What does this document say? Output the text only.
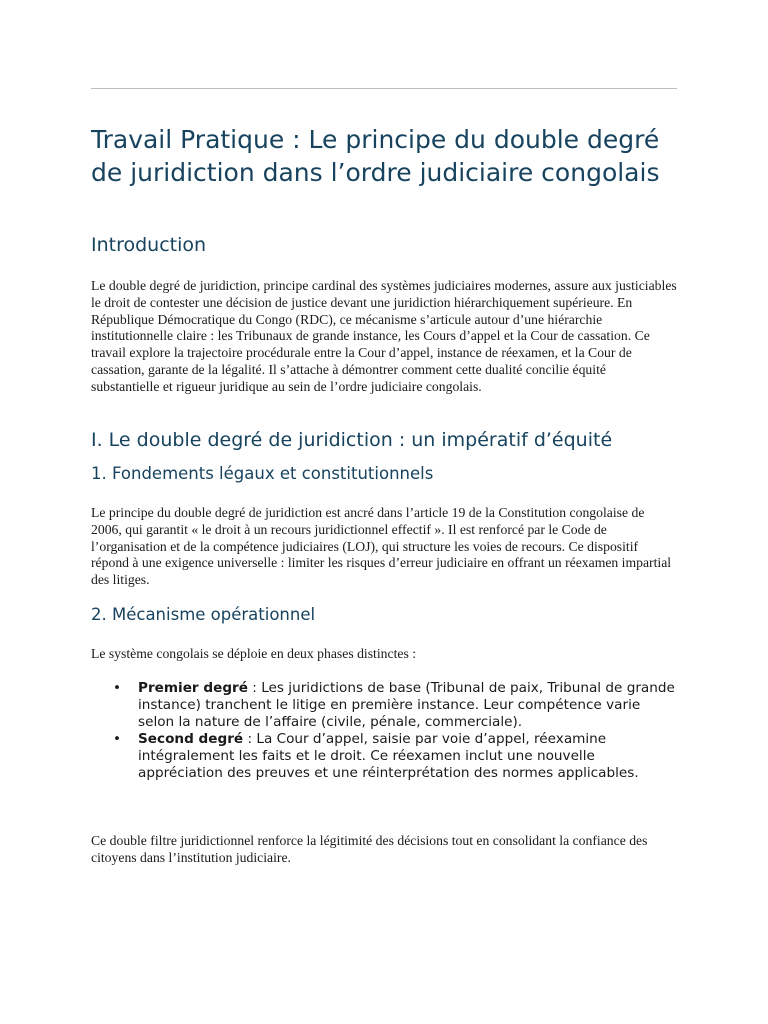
Travail Pratique : Le principe du double degré de juridiction dans l’ordre judiciaire congolais
Introduction

Le double degré de juridiction, principe cardinal des systèmes judiciaires modernes, assure aux justiciables le droit de contester une décision de justice devant une juridiction hiérarchiquement supérieure. En République Démocratique du Congo (RDC), ce mécanisme s’articule autour d’une hiérarchie institutionnelle claire : les Tribunaux de grande instance, les Cours d’appel et la Cour de cassation. Ce travail explore la trajectoire procédurale entre la Cour d’appel, instance de réexamen, et la Cour de cassation, garante de la légalité. Il s’attache à démontrer comment cette dualité concilie équité substantielle et rigueur juridique au sein de l’ordre judiciaire congolais.

I. Le double degré de juridiction : un impératif d’équité
1. Fondements légaux et constitutionnels

Le principe du double degré de juridiction est ancré dans l’article 19 de la Constitution congolaise de 2006, qui garantit « le droit à un recours juridictionnel effectif ». Il est renforcé par le Code de l’organisation et de la compétence judiciaires (LOJ), qui structure les voies de recours. Ce dispositif répond à une exigence universelle : limiter les risques d’erreur judiciaire en offrant un réexamen impartial des litiges.

2. Mécanisme opérationnel

Le système congolais se déploie en deux phases distinctes :

• Premier degré : Les juridictions de base (Tribunal de paix, Tribunal de grande instance) tranchent le litige en première instance. Leur compétence varie selon la nature de l’affaire (civile, pénale, commerciale).
• Second degré : La Cour d’appel, saisie par voie d’appel, réexamine intégralement les faits et le droit. Ce réexamen inclut une nouvelle appréciation des preuves et une réinterprétation des normes applicables.

Ce double filtre juridictionnel renforce la légitimité des décisions tout en consolidant la confiance des citoyens dans l’institution judiciaire.
